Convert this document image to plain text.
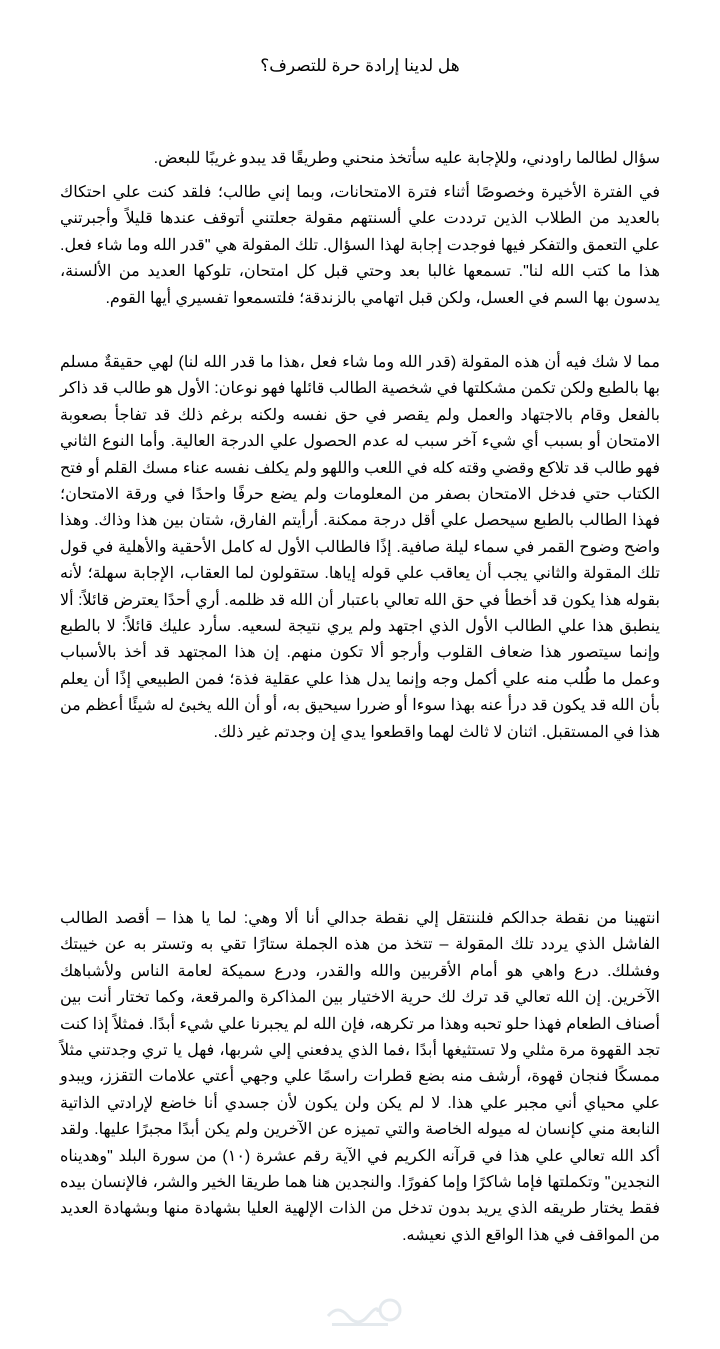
هل لدينا إرادة حرة للتصرف؟

سؤال لطالما راودني، وللإجابة عليه سأتخذ منحني وطريقًا قد يبدو غريبًا للبعض.

في الفترة الأخيرة وخصوصًا أثناء فترة الامتحانات، وبما إني طالب؛ فلقد كنت علي احتكاك بالعديد من الطلاب الذين ترددت علي ألسنتهم مقولة جعلتني أتوقف عندها قليلاً وأجبرتني علي التعمق والتفكر فيها فوجدت إجابة لهذا السؤال. تلك المقولة هي "قدر الله وما شاء فعل. هذا ما كتب الله لنا". تسمعها غالبا بعد وحتي قبل كل امتحان، تلوكها العديد من الألسنة، يدسون بها السم في العسل، ولكن قبل اتهامي بالزندقة؛ فلتسمعوا تفسيري أيها القوم.

مما لا شك فيه أن هذه المقولة (قدر الله وما شاء فعل ،هذا ما قدر الله لنا) لهي حقيقةٌ مسلم بها بالطبع ولكن تكمن مشكلتها في شخصية الطالب قائلها فهو نوعان: الأول هو طالب قد ذاكر بالفعل وقام بالاجتهاد والعمل ولم يقصر في حق نفسه ولكنه برغم ذلك قد تفاجأ بصعوبة الامتحان أو بسبب أي شيء آخر سبب له عدم الحصول علي الدرجة العالية. وأما النوع الثاني فهو طالب قد تلاكع وقضي وقته كله في اللعب واللهو ولم يكلف نفسه عناء مسك القلم أو فتح الكتاب حتي فدخل الامتحان بصفر من المعلومات ولم يضع حرفًا واحدًا في ورقة الامتحان؛ فهذا الطالب بالطبع سيحصل علي أقل درجة ممكنة. أرأيتم الفارق، شتان بين هذا وذاك. وهذا واضح وضوح القمر في سماء ليلة صافية. إذًا فالطالب الأول له كامل الأحقية والأهلية في قول تلك المقولة والثاني يجب أن يعاقب علي قوله إياها. ستقولون لما العقاب، الإجابة سهلة؛ لأنه بقوله هذا يكون قد أخطأ في حق الله تعالي باعتبار أن الله قد ظلمه. أري أحدًا يعترض قائلاً: ألا ينطبق هذا علي الطالب الأول الذي اجتهد ولم يري نتيجة لسعيه. سأرد عليك قائلاً: لا بالطبع وإنما سيتصور هذا ضعاف القلوب وأرجو ألا تكون منهم. إن هذا المجتهد قد أخذ بالأسباب وعمل ما طُلب منه علي أكمل وجه وإنما يدل هذا علي عقلية فذة؛ فمن الطبيعي إذًا أن يعلم بأن الله قد يكون قد درأ عنه بهذا سوءا أو ضررا سيحيق به، أو أن الله يخبئ له شيئًا أعظم من هذا في المستقبل. اثنان لا ثالث لهما واقطعوا يدي إن وجدتم غير ذلك.

انتهينا من نقطة جدالكم فلننتقل إلي نقطة جدالي أنا ألا وهي: لما يا هذا – أقصد الطالب الفاشل الذي يردد تلك المقولة – تتخذ من هذه الجملة ستارًا تقي به وتستر به عن خيبتك وفشلك. درع واهي هو أمام الأقربين والله والقدر، ودرع سميكة لعامة الناس ولأشباهك الآخرين. إن الله تعالي قد ترك لك حرية الاختيار بين المذاكرة والمرقعة، وكما تختار أنت بين أصناف الطعام فهذا حلو تحبه وهذا مر تكرهه، فإن الله لم يجبرنا علي شيء أبدًا. فمثلاً إذا كنت تجد القهوة مرة مثلي ولا تستثيغها أبدًا ،فما الذي يدفعني إلي شربها، فهل يا تري وجدتني مثلاً ممسكًا فنجان قهوة، أرشف منه بضع قطرات راسمًا علي وجهي أعتي علامات التقزز، ويبدو علي محياي أني مجبر علي هذا. لا لم يكن ولن يكون لأن جسدي أنا خاضع لإرادتي الذاتية النابعة مني كإنسان له ميوله الخاصة والتي تميزه عن الآخرين ولم يكن أبدًا مجبرًا عليها. ولقد أكد الله تعالي علي هذا في قرآنه الكريم في الآية رقم عشرة (١٠) من سورة البلد "وهديناه النجدين" وتكملتها فإما شاكرًا وإما كفورًا. والنجدين هنا هما طريقا الخير والشر، فالإنسان بيده فقط يختار طريقه الذي يريد بدون تدخل من الذات الإلهية العليا بشهادة منها وبشهادة العديد من المواقف في هذا الواقع الذي نعيشه.
